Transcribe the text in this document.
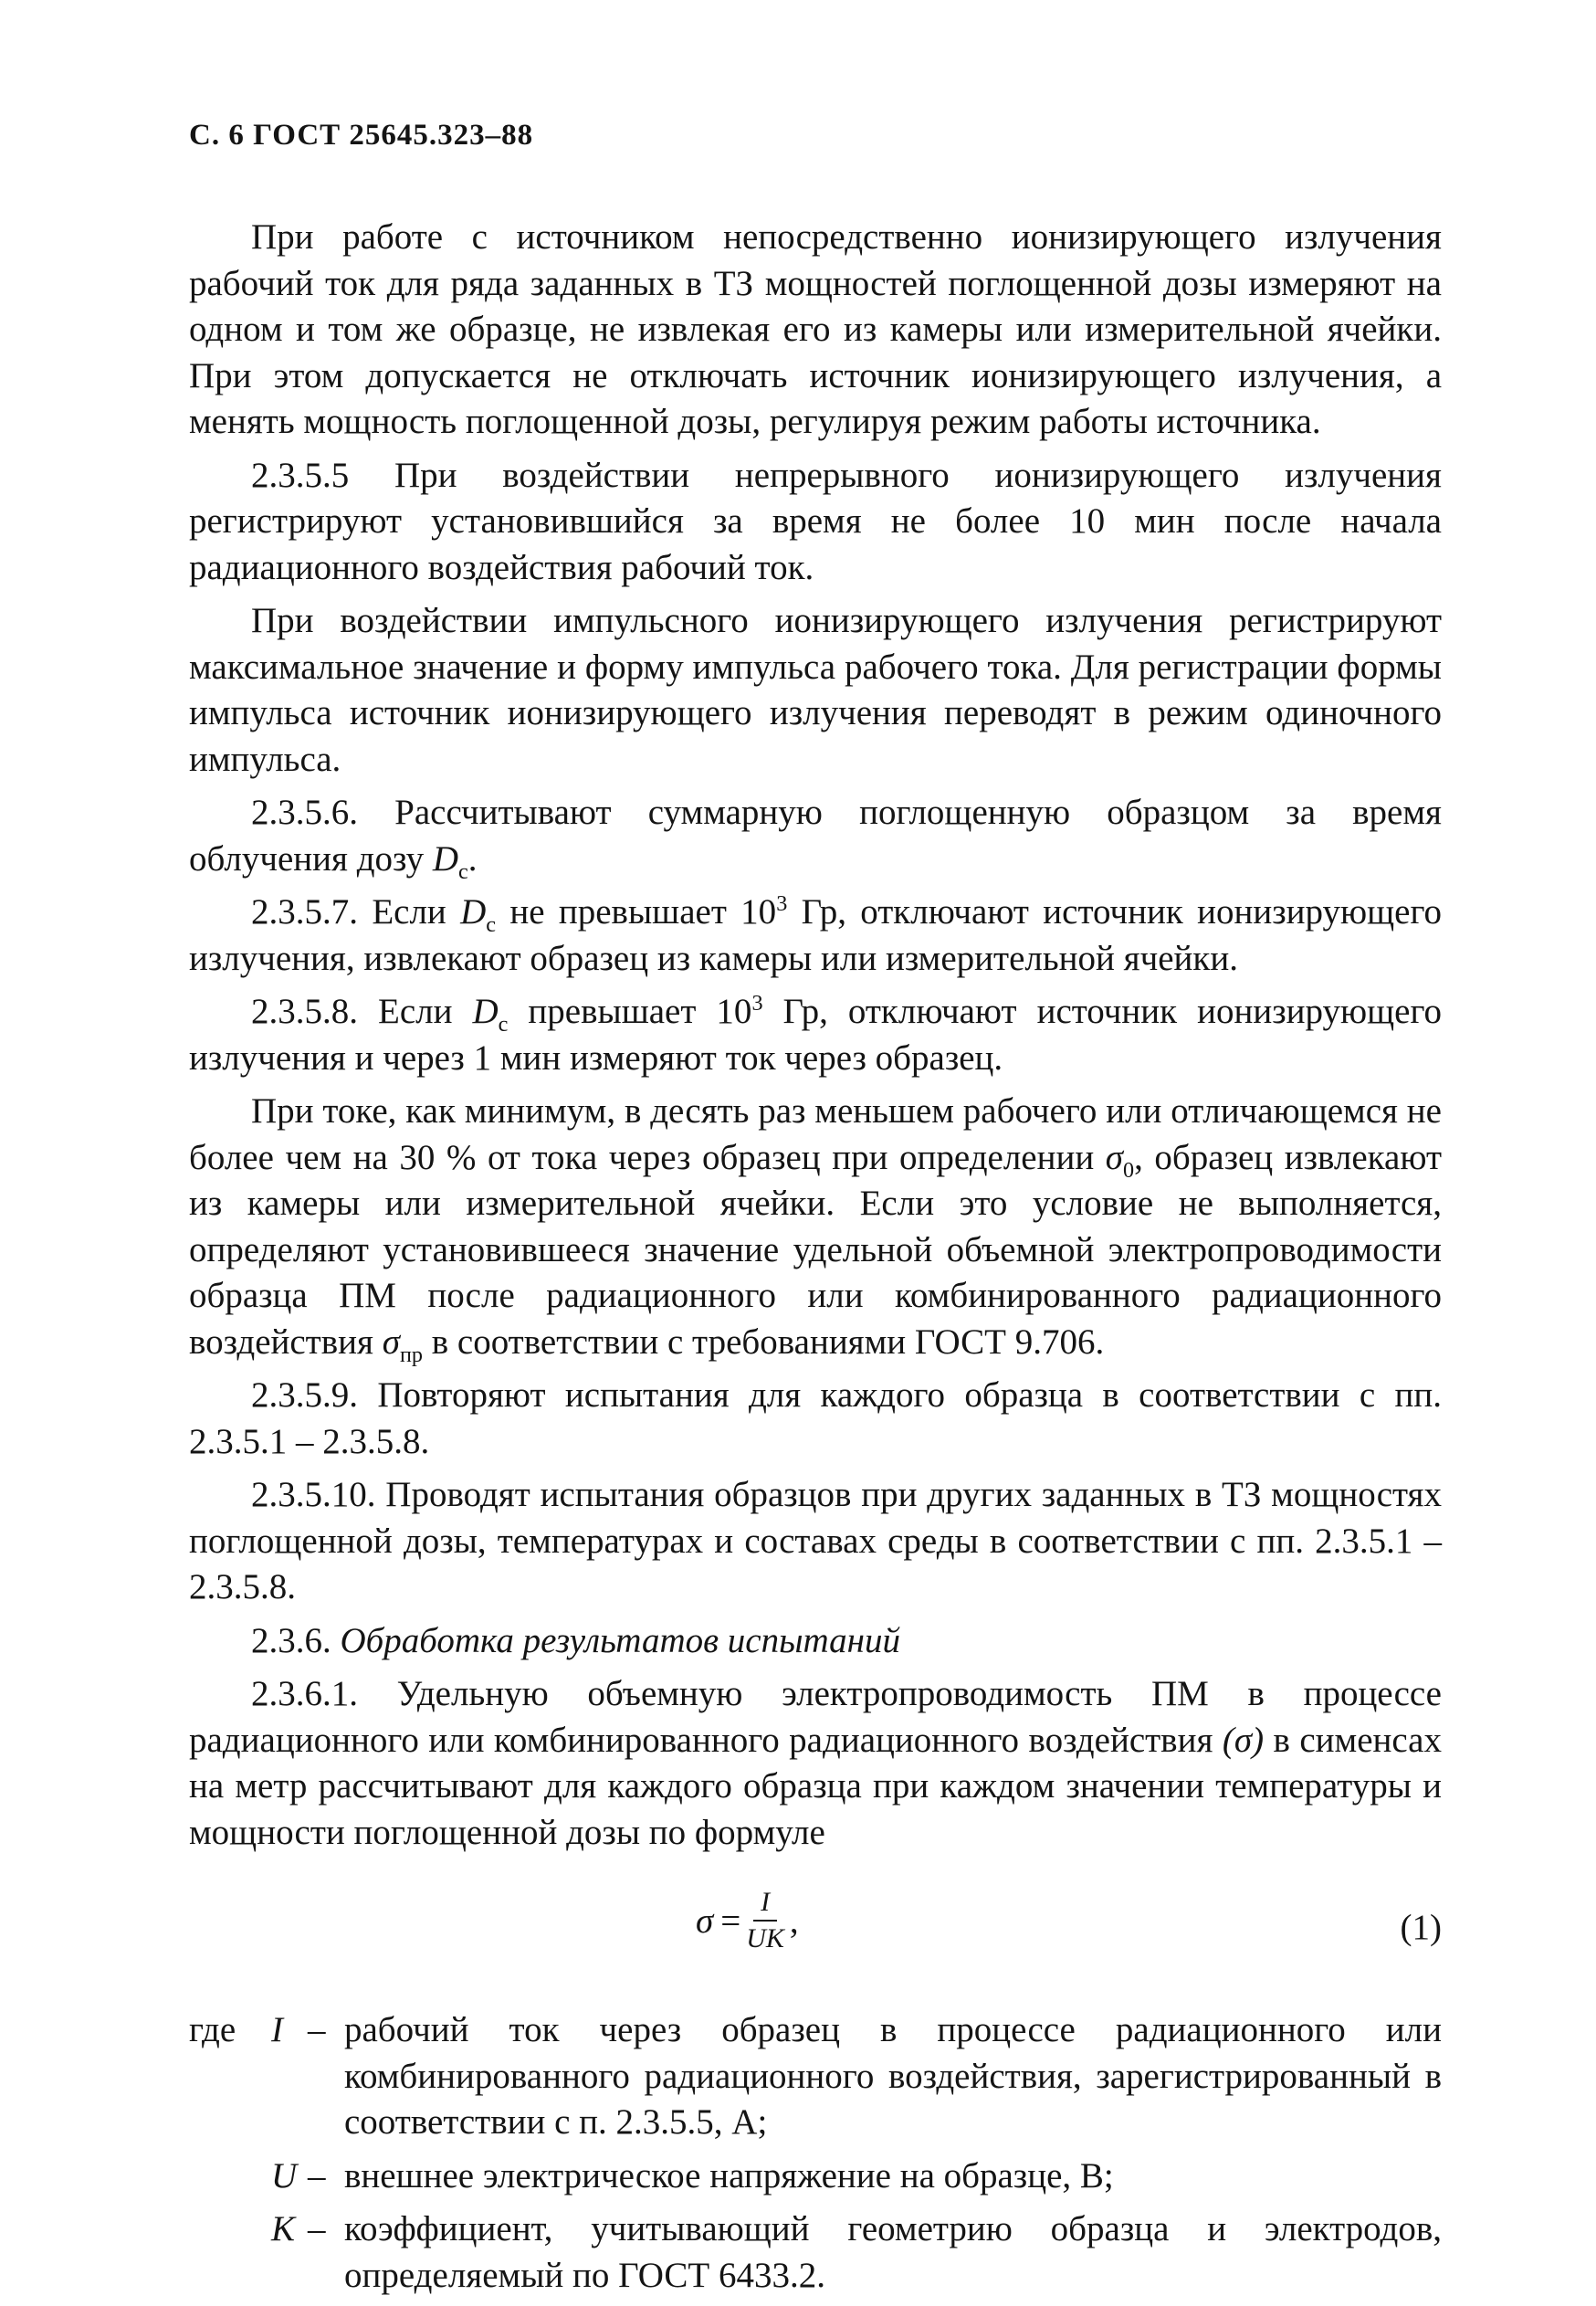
С. 6 ГОСТ 25645.323–88

При работе с источником непосредственно ионизирующего излучения рабочий ток для ряда заданных в ТЗ мощностей поглощенной дозы измеряют на одном и том же образце, не извлекая его из камеры или измерительной ячейки. При этом допускается не отключать источник ионизирующего излучения, а менять мощность поглощенной дозы, регулируя режим работы источника.

2.3.5.5 При воздействии непрерывного ионизирующего излучения регистрируют установившийся за время не более 10 мин после начала радиационного воздействия рабочий ток.

При воздействии импульсного ионизирующего излучения регистрируют максимальное значение и форму импульса рабочего тока. Для регистрации формы импульса источник ионизирующего излучения переводят в режим одиночного импульса.

2.3.5.6. Рассчитывают суммарную поглощенную образцом за время облучения дозу $D_c$.

2.3.5.7. Если $D_c$ не превышает $10^3$ Гр, отключают источник ионизирующего излучения, извлекают образец из камеры или измерительной ячейки.

2.3.5.8. Если $D_c$ превышает $10^3$ Гр, отключают источник ионизирующего излучения и через 1 мин измеряют ток через образец.

При токе, как минимум, в десять раз меньшем рабочего или отличающемся не более чем на 30 % от тока через образец при определении $\sigma_0$, образец извлекают из камеры или измерительной ячейки. Если это условие не выполняется, определяют установившееся значение удельной объемной электропроводимости образца ПМ после радиационного или комбинированного радиационного воздействия $\sigma_{пр}$ в соответствии с требованиями ГОСТ 9.706.

2.3.5.9. Повторяют испытания для каждого образца в соответствии с пп. 2.3.5.1 – 2.3.5.8.

2.3.5.10. Проводят испытания образцов при других заданных в ТЗ мощностях поглощенной дозы, температурах и составах среды в соответствии с пп. 2.3.5.1 – 2.3.5.8.

2.3.6. Обработка результатов испытаний

2.3.6.1. Удельную объемную электропроводимость ПМ в процессе радиационного или комбинированного радиационного воздействия (σ) в сименсах на метр рассчитывают для каждого образца при каждом значении температуры и мощности поглощенной дозы по формуле

$\sigma = \frac{I}{UK}$ ,	(1)
где I – рабочий ток через образец в процессе радиационного или комбинированного радиационного воздействия, зарегистрированный в соответствии с п. 2.3.5.5, А;
U – внешнее электрическое напряжение на образце, В;
K – коэффициент, учитывающий геометрию образца и электродов, определяемый по ГОСТ 6433.2.
